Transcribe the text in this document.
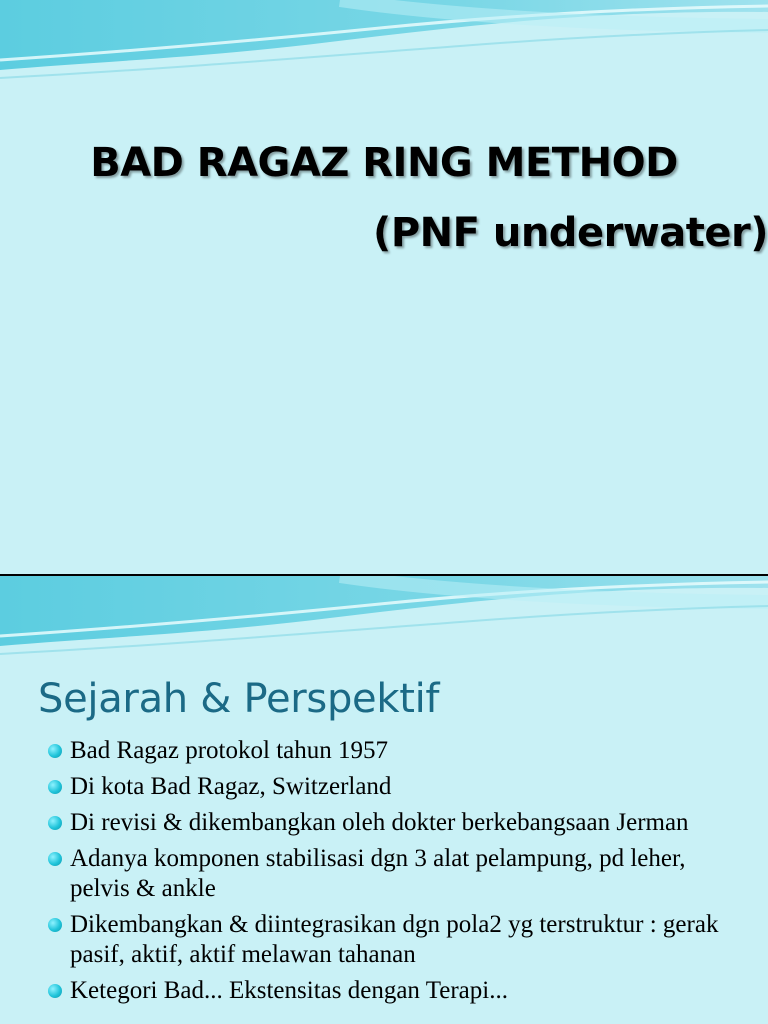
BAD RAGAZ RING METHOD
(PNF underwater)
Sejarah & Perspektif
Bad Ragaz protokol tahun 1957
Di kota Bad Ragaz, Switzerland
Di revisi & dikembangkan oleh dokter berkebangsaan Jerman
Adanya komponen stabilisasi dgn 3 alat pelampung, pd leher, pelvis & ankle
Dikembangkan & diintegrasikan dgn pola2 yg terstruktur : gerak pasif, aktif, aktif melawan tahanan
Ketegori Bad... Ekstensitas dengan Terapi...
